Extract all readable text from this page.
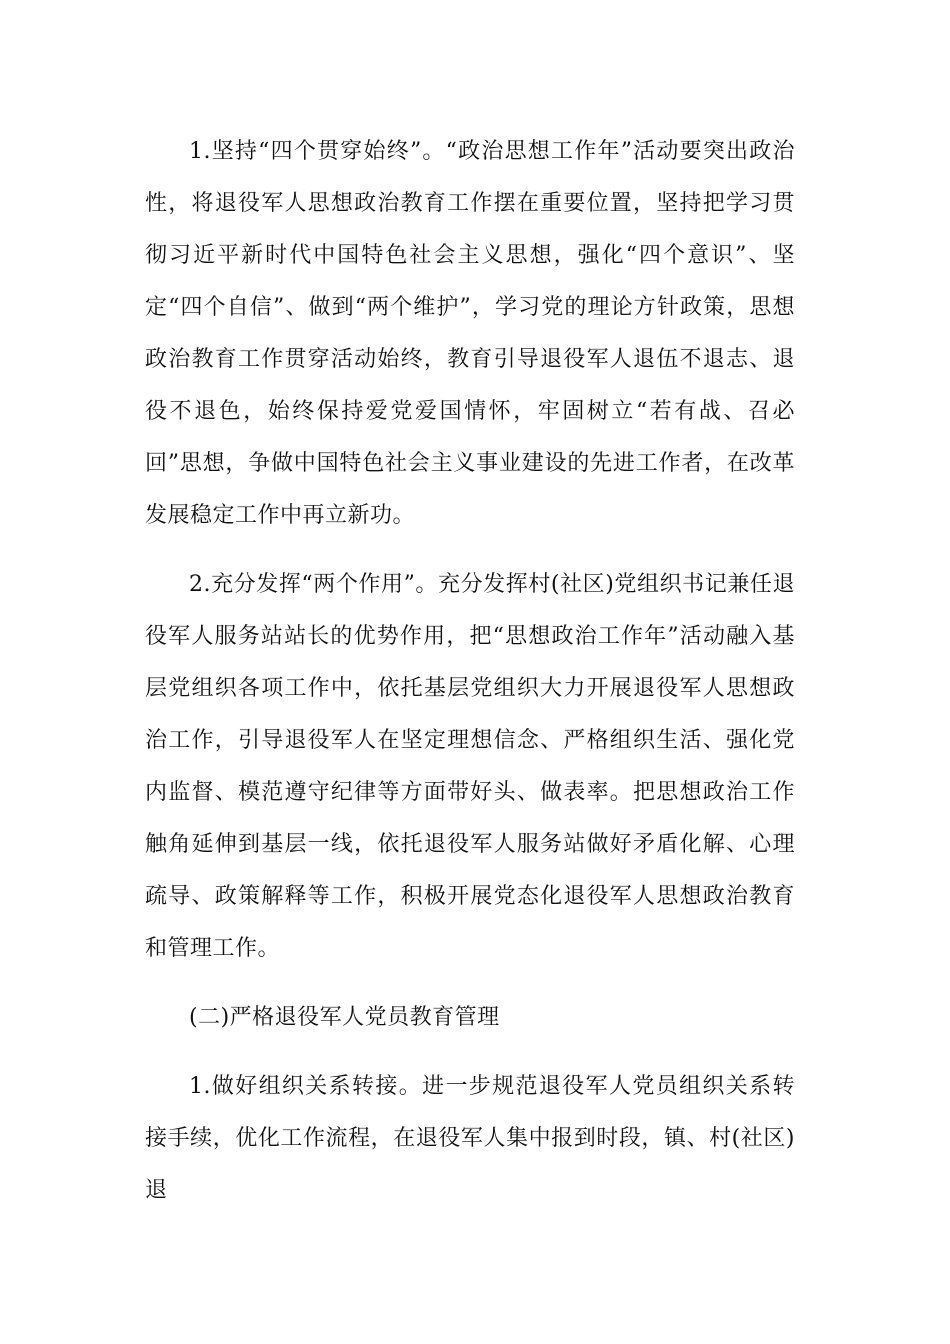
1.坚持“四个贯穿始终”。“政治思想工作年”活动要突出政治性，将退役军人思想政治教育工作摆在重要位置，坚持把学习贯彻习近平新时代中国特色社会主义思想，强化“四个意识”、坚定“四个自信”、做到“两个维护”，学习党的理论方针政策，思想政治教育工作贯穿活动始终，教育引导退役军人退伍不退志、退役不退色，始终保持爱党爱国情怀，牢固树立“若有战、召必回”思想，争做中国特色社会主义事业建设的先进工作者，在改革发展稳定工作中再立新功。

2.充分发挥“两个作用”。充分发挥村(社区)党组织书记兼任退役军人服务站站长的优势作用，把“思想政治工作年”活动融入基层党组织各项工作中，依托基层党组织大力开展退役军人思想政治工作，引导退役军人在坚定理想信念、严格组织生活、强化党内监督、模范遵守纪律等方面带好头、做表率。把思想政治工作触角延伸到基层一线，依托退役军人服务站做好矛盾化解、心理疏导、政策解释等工作，积极开展党态化退役军人思想政治教育和管理工作。

(二)严格退役军人党员教育管理

1.做好组织关系转接。进一步规范退役军人党员组织关系转接手续，优化工作流程，在退役军人集中报到时段，镇、村(社区)退
